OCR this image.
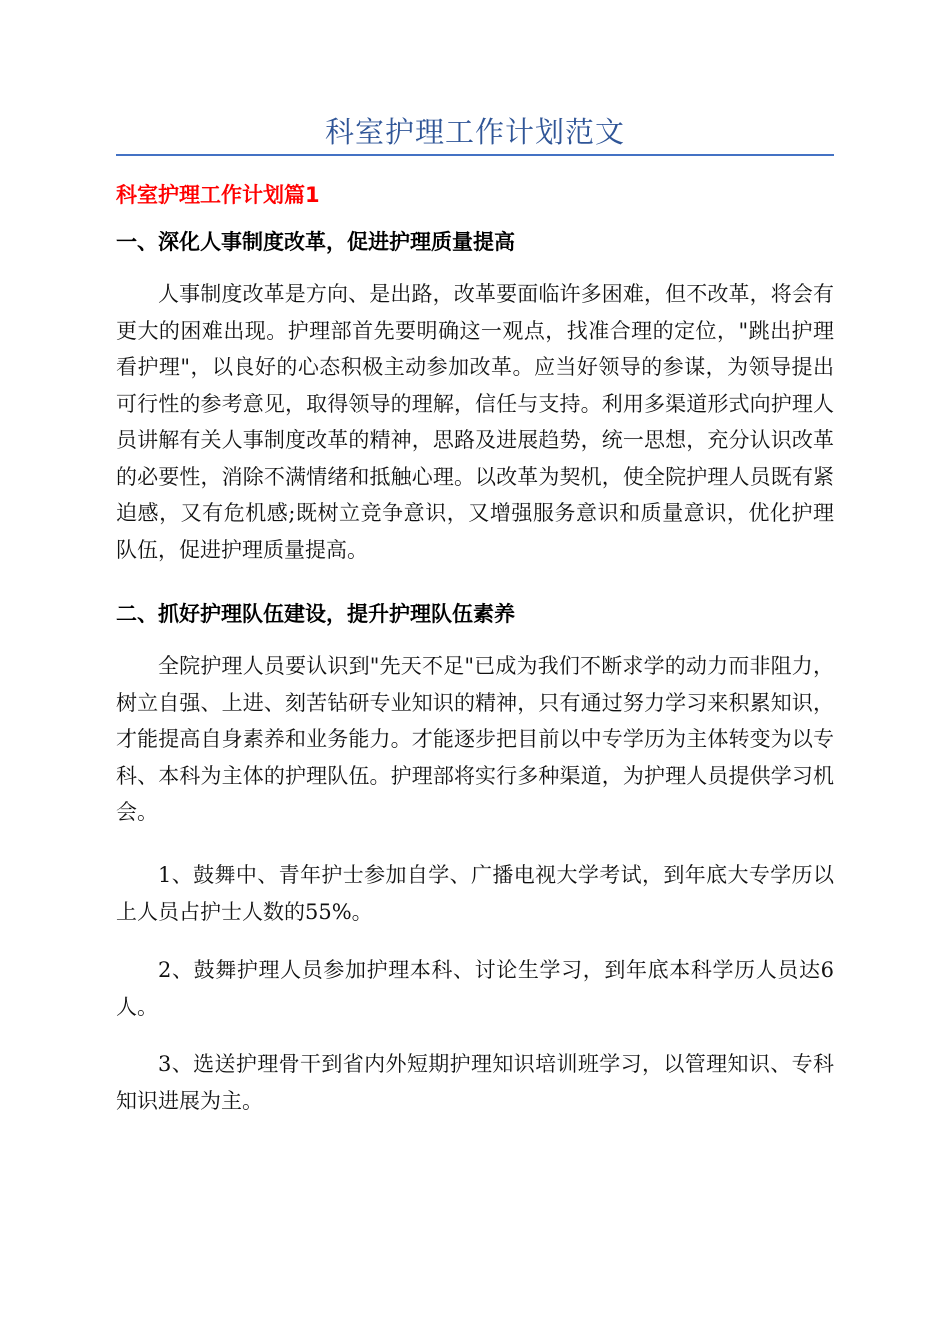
科室护理工作计划范文
科室护理工作计划篇1
一、深化人事制度改革，促进护理质量提高

人事制度改革是方向、是出路，改革要面临许多困难，但不改革，将会有更大的困难出现。护理部首先要明确这一观点，找准合理的定位，"跳出护理看护理"，以良好的心态积极主动参加改革。应当好领导的参谋，为领导提出可行性的参考意见，取得领导的理解，信任与支持。利用多渠道形式向护理人员讲解有关人事制度改革的精神，思路及进展趋势，统一思想，充分认识改革的必要性，消除不满情绪和抵触心理。以改革为契机，使全院护理人员既有紧迫感，又有危机感;既树立竞争意识，又增强服务意识和质量意识，优化护理队伍，促进护理质量提高。

二、抓好护理队伍建设，提升护理队伍素养

全院护理人员要认识到"先天不足"已成为我们不断求学的动力而非阻力，树立自强、上进、刻苦钻研专业知识的精神，只有通过努力学习来积累知识，才能提高自身素养和业务能力。才能逐步把目前以中专学历为主体转变为以专科、本科为主体的护理队伍。护理部将实行多种渠道，为护理人员提供学习机会。

1、鼓舞中、青年护士参加自学、广播电视大学考试，到年底大专学历以上人员占护士人数的55%。

2、鼓舞护理人员参加护理本科、讨论生学习，到年底本科学历人员达6人。

3、选送护理骨干到省内外短期护理知识培训班学习，以管理知识、专科知识进展为主。
